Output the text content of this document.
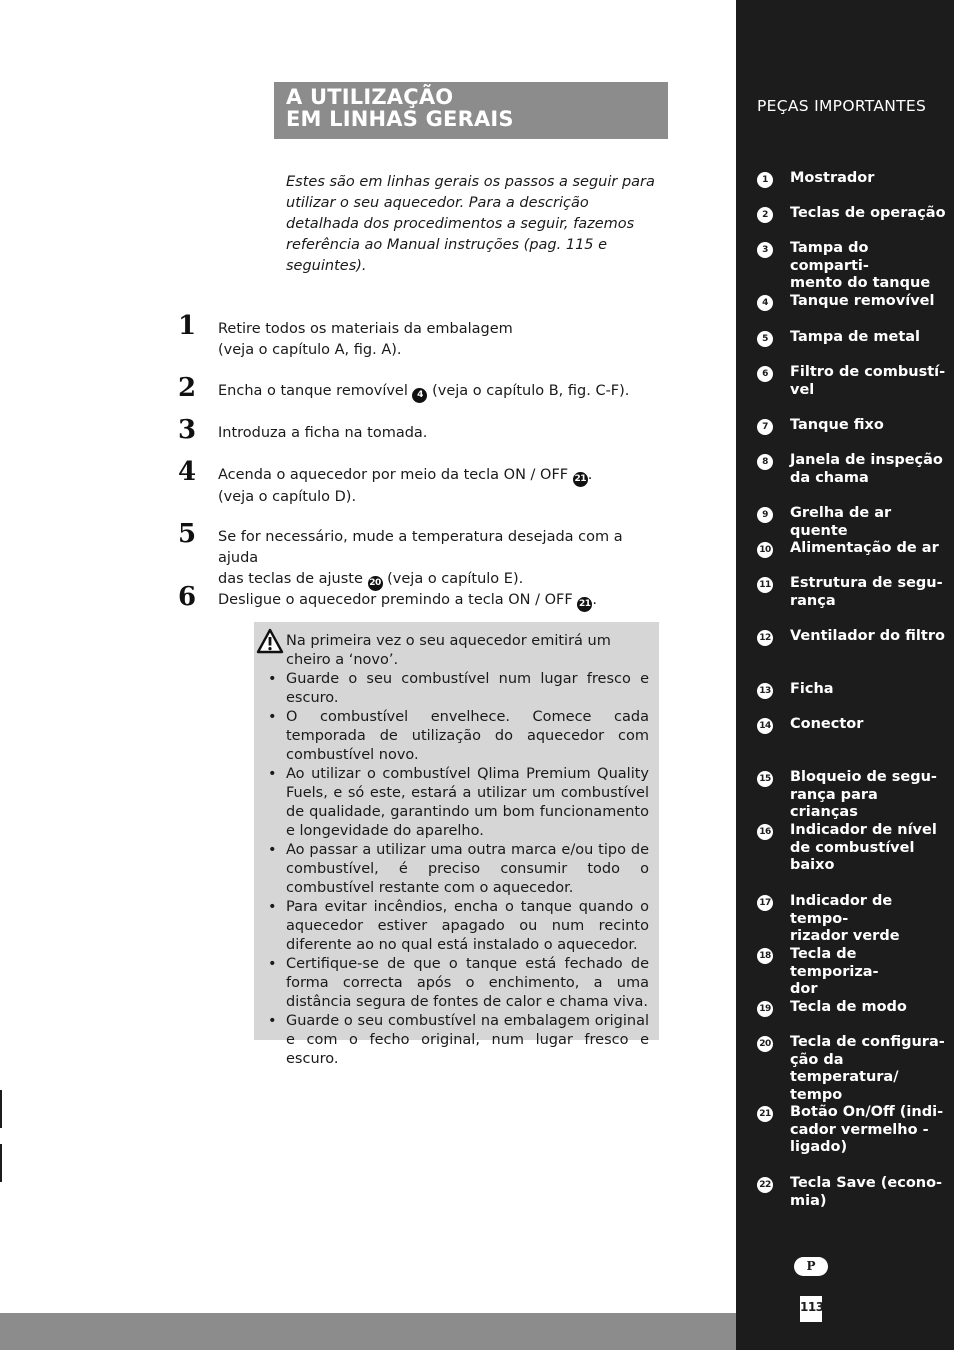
A UTILIZAÇÃO
EM LINHAS GERAIS
Estes são em linhas gerais os passos a seguir para utilizar o seu aquecedor. Para a descrição detalhada dos procedimentos a seguir, fazemos referência ao Manual instruções (pag. 115 e seguintes).
1	Retire todos os materiais da embalagem
(veja o capítulo A, fig. A).
2	Encha o tanque removível 4 (veja o capítulo B, fig. C-F).
3	Introduza a ficha na tomada.
4	Acenda o aquecedor por meio da tecla ON / OFF 21 .
(veja o capítulo D).
5	Se for necessário, mude a temperatura desejada com a ajuda
das teclas de ajuste 20 (veja o capítulo E).
6	Desligue o aquecedor premindo a tecla ON / OFF 21 .
Na primeira vez o seu aquecedor emitirá um cheiro a ‘novo’.
• Guarde o seu combustível num lugar fresco e escuro.
• O combustível envelhece. Comece cada temporada de utilização do aquecedor com combustível novo.
• Ao utilizar o combustível Qlima Premium Quality Fuels, e só este, estará a utilizar um combustível de qualidade, garantindo um bom funcionamento e longevidade do aparelho.
• Ao passar a utilizar uma outra marca e/ou tipo de combustível, é preciso consumir todo o combustível restante com o aquecedor.
• Para evitar incêndios, encha o tanque quando o aquecedor estiver apagado ou num recinto diferente ao no qual está instalado o aquecedor.
• Certifique-se de que o tanque está fechado de forma correcta após o enchimento, a uma distância segura de fontes de calor e chama viva.
• Guarde o seu combustível na embalagem original e com o fecho original, num lugar fresco e escuro.
PEÇAS IMPORTANTES
1	Mostrador
2	Teclas de operação
3	Tampa do comparti-
mento do tanque
4	Tanque removível
5	Tampa de metal
6	Filtro de combustí-
vel
7	Tanque fixo
8	Janela de inspeção
da chama
9	Grelha de ar quente
10 Alimentação de ar
11 Estrutura de segu-
rança
12 Ventilador do filtro
13 Ficha
14 Conector
15 Bloqueio de segu-
rança para crianças
16 Indicador de nível
de combustível
baixo
17 Indicador de tempo-
rizador verde
18 Tecla de temporiza-
dor
19 Tecla de modo
20 Tecla de configura-
ção da temperatura/
tempo
21 Botão On/Off (indi-
cador vermelho -
ligado)
22 Tecla Save (econo-
mia)
P
113
